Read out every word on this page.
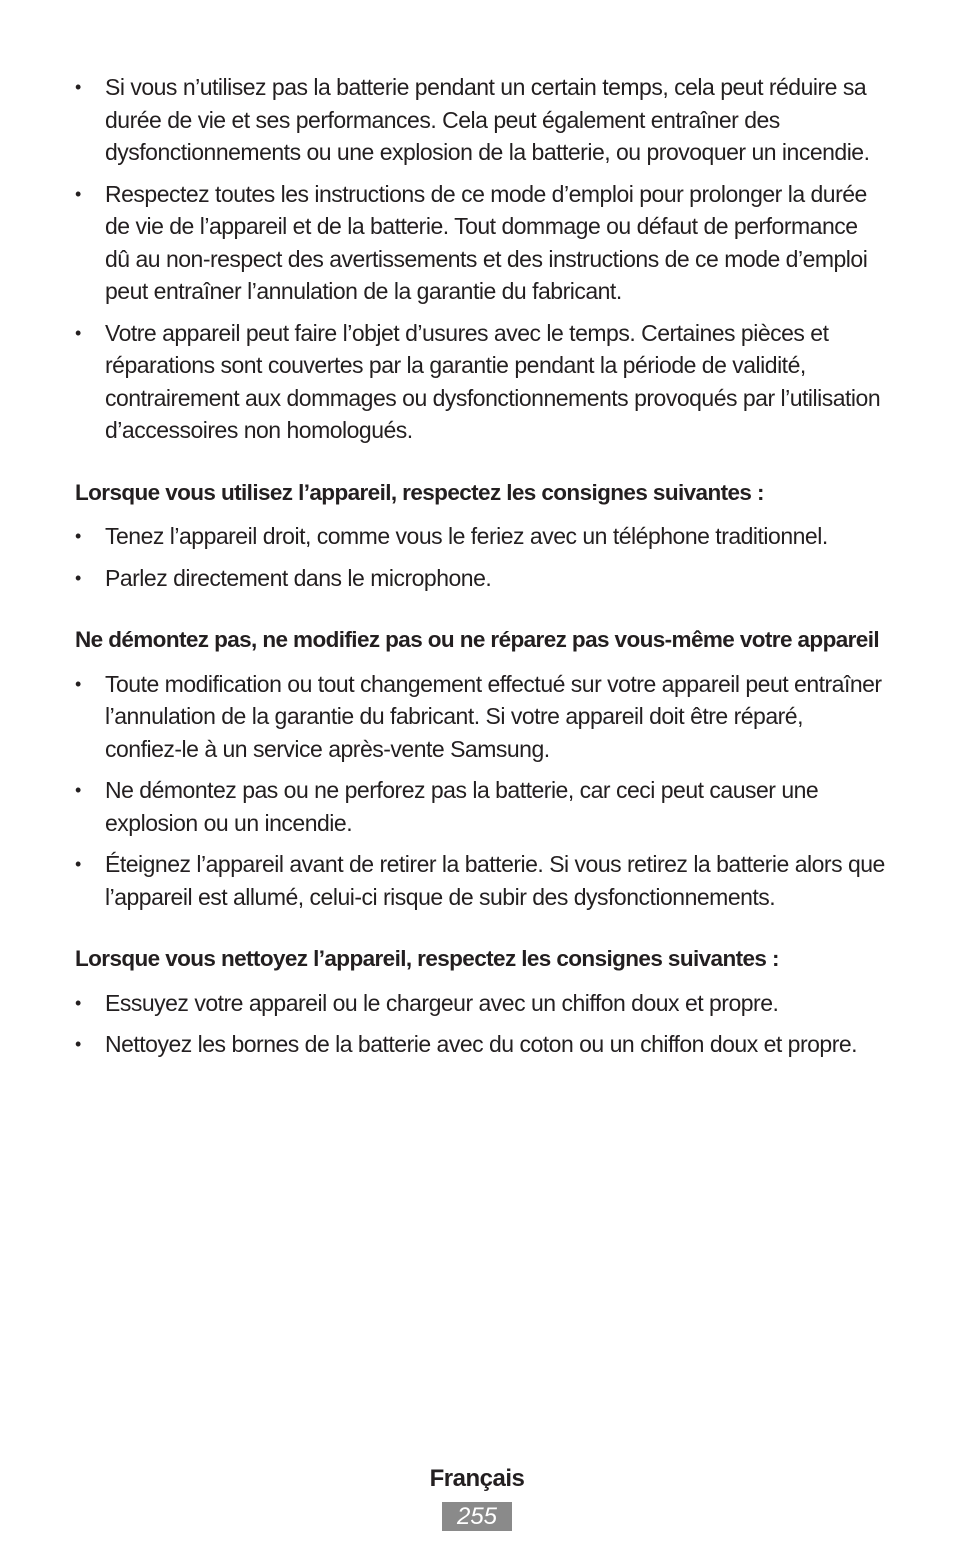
• Si vous n’utilisez pas la batterie pendant un certain temps, cela peut réduire sa durée de vie et ses performances. Cela peut également entraîner des dysfonctionnements ou une explosion de la batterie, ou provoquer un incendie.
• Respectez toutes les instructions de ce mode d’emploi pour prolonger la durée de vie de l’appareil et de la batterie. Tout dommage ou défaut de performance dû au non-respect des avertissements et des instructions de ce mode d’emploi peut entraîner l’annulation de la garantie du fabricant.
• Votre appareil peut faire l’objet d’usures avec le temps. Certaines pièces et réparations sont couvertes par la garantie pendant la période de validité, contrairement aux dommages ou dysfonctionnements provoqués par l’utilisation d’accessoires non homologués.

Lorsque vous utilisez l’appareil, respectez les consignes suivantes :

• Tenez l’appareil droit, comme vous le feriez avec un téléphone traditionnel.
• Parlez directement dans le microphone.

Ne démontez pas, ne modifiez pas ou ne réparez pas vous-même votre appareil

• Toute modification ou tout changement effectué sur votre appareil peut entraîner l’annulation de la garantie du fabricant. Si votre appareil doit être réparé, confiez-le à un service après-vente Samsung.
• Ne démontez pas ou ne perforez pas la batterie, car ceci peut causer une explosion ou un incendie.
• Éteignez l’appareil avant de retirer la batterie. Si vous retirez la batterie alors que l’appareil est allumé, celui-ci risque de subir des dysfonctionnements.

Lorsque vous nettoyez l’appareil, respectez les consignes suivantes :

• Essuyez votre appareil ou le chargeur avec un chiffon doux et propre.
• Nettoyez les bornes de la batterie avec du coton ou un chiffon doux et propre.
Français
255
